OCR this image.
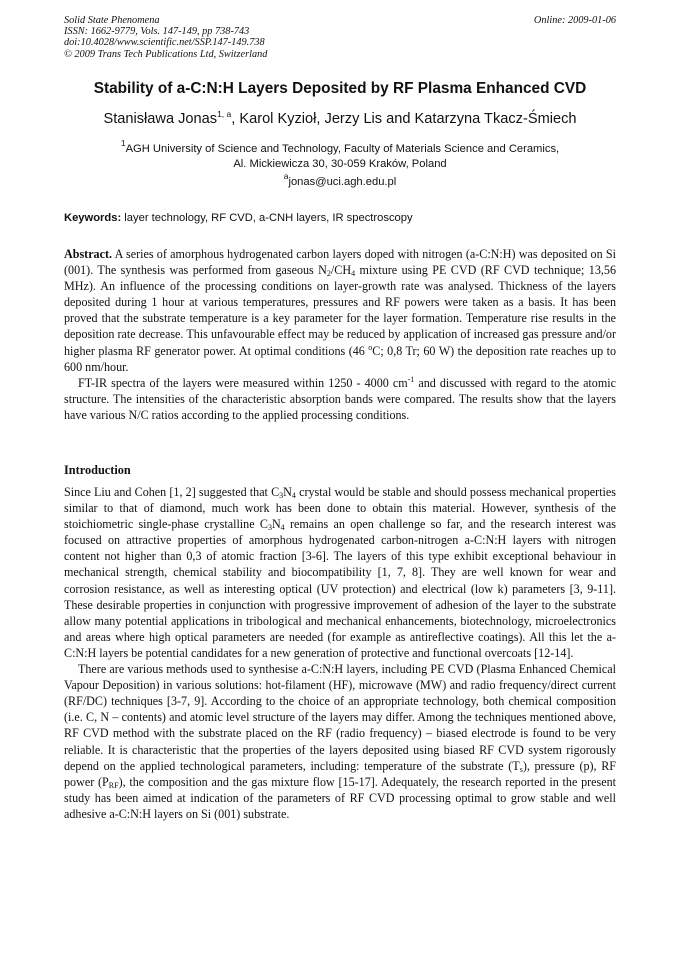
Solid State Phenomena
ISSN: 1662-9779, Vols. 147-149, pp 738-743
doi:10.4028/www.scientific.net/SSP.147-149.738
© 2009 Trans Tech Publications Ltd, Switzerland
Online: 2009-01-06
Stability of a-C:N:H Layers Deposited by RF Plasma Enhanced CVD
Stanisława Jonas$^{1, a}$, Karol Kyzioł, Jerzy Lis and Katarzyna Tkacz-Śmiech
$^1$AGH University of Science and Technology, Faculty of Materials Science and Ceramics,
Al. Mickiewicza 30, 30-059 Kraków, Poland
$^a$jonas@uci.agh.edu.pl
Keywords: layer technology, RF CVD, a-CNH layers, IR spectroscopy

Abstract. A series of amorphous hydrogenated carbon layers doped with nitrogen (a-C:N:H) was deposited on Si (001). The synthesis was performed from gaseous $N_2/CH_4$ mixture using PE CVD (RF CVD technique; 13,56 MHz). An influence of the processing conditions on layer-growth rate was analysed. Thickness of the layers deposited during 1 hour at various temperatures, pressures and RF powers were taken as a basis. It has been proved that the substrate temperature is a key parameter for the layer formation. Temperature rise results in the deposition rate decrease. This unfavourable effect may be reduced by application of increased gas pressure and/or higher plasma RF generator power. At optimal conditions (46 $^o$C; 0,8 Tr; 60 W) the deposition rate reaches up to 600 nm/hour.

FT-IR spectra of the layers were measured within 1250 - 4000 $cm^{-1}$ and discussed with regard to the atomic structure. The intensities of the characteristic absorption bands were compared. The results show that the layers have various N/C ratios according to the applied processing conditions.

Introduction

Since Liu and Cohen [1, 2] suggested that $C_3N_4$ crystal would be stable and should possess mechanical properties similar to that of diamond, much work has been done to obtain this material. However, synthesis of the stoichiometric single-phase crystalline $C_3N_4$ remains an open challenge so far, and the research interest was focused on attractive properties of amorphous hydrogenated carbon-nitrogen a-C:N:H layers with nitrogen content not higher than 0,3 of atomic fraction [3-6]. The layers of this type exhibit exceptional behaviour in mechanical strength, chemical stability and biocompatibility [1, 7, 8]. They are well known for wear and corrosion resistance, as well as interesting optical (UV protection) and electrical (low k) parameters [3, 9-11]. These desirable properties in conjunction with progressive improvement of adhesion of the layer to the substrate allow many potential applications in tribological and mechanical enhancements, biotechnology, microelectronics and areas where high optical parameters are needed (for example as antireflective coatings). All this let the a-C:N:H layers be potential candidates for a new generation of protective and functional overcoats [12-14].

There are various methods used to synthesise a-C:N:H layers, including PE CVD (Plasma Enhanced Chemical Vapour Deposition) in various solutions: hot-filament (HF), microwave (MW) and radio frequency/direct current (RF/DC) techniques [3-7, 9]. According to the choice of an appropriate technology, both chemical composition (i.e. C, N – contents) and atomic level structure of the layers may differ. Among the techniques mentioned above, RF CVD method with the substrate placed on the RF (radio frequency) – biased electrode is found to be very reliable. It is characteristic that the properties of the layers deposited using biased RF CVD system rigorously depend on the applied technological parameters, including: temperature of the substrate $(T_s)$, pressure (p), RF power $(P_{RF})$, the composition and the gas mixture flow [15-17]. Adequately, the research reported in the present study has been aimed at indication of the parameters of RF CVD processing optimal to grow stable and well adhesive a-C:N:H layers on Si (001) substrate.
